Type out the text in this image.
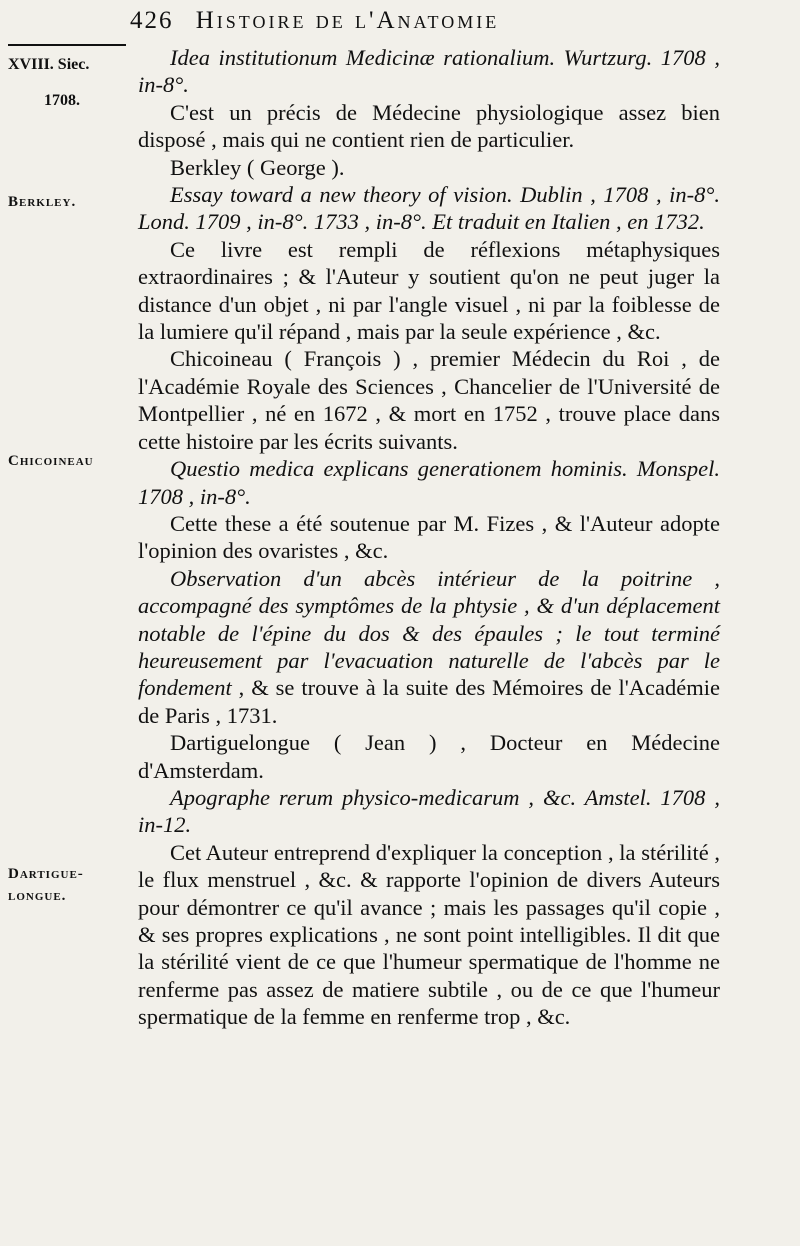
426 Histoire de l'Anatomie
XVIII. Siec.
1708.
Berkley.
Chicoineau
Dartigue-
longue.

Idea institutionum Medicinæ rationalium. Wurtzurg. 1708 , in-8°.

C'est un précis de Médecine physiologique assez bien disposé , mais qui ne contient rien de particulier.

Berkley ( George ).

Essay toward a new theory of vision. Dublin , 1708 , in-8°. Lond. 1709 , in-8°. 1733 , in-8°. Et traduit en Italien , en 1732.

Ce livre est rempli de réflexions métaphysiques extraordinaires ; & l'Auteur y soutient qu'on ne peut juger la distance d'un objet , ni par l'angle visuel , ni par la foiblesse de la lumiere qu'il répand , mais par la seule expérience , &c.

Chicoineau ( François ) , premier Médecin du Roi , de l'Académie Royale des Sciences , Chancelier de l'Université de Montpellier , né en 1672 , & mort en 1752 , trouve place dans cette histoire par les écrits suivants.

Questio medica explicans generationem hominis. Monspel. 1708 , in-8°.

Cette these a été soutenue par M. Fizes , & l'Auteur adopte l'opinion des ovaristes , &c.

Observation d'un abcès intérieur de la poitrine , accompagné des symptômes de la phtysie , & d'un déplacement notable de l'épine du dos & des épaules ; le tout terminé heureusement par l'evacuation naturelle de l'abcès par le fondement , & se trouve à la suite des Mémoires de l'Académie de Paris , 1731.

Dartiguelongue ( Jean ) , Docteur en Médecine d'Amsterdam.

Apographe rerum physico-medicarum , &c. Amstel. 1708 , in-12.

Cet Auteur entreprend d'expliquer la conception , la stérilité , le flux menstruel , &c. & rapporte l'opinion de divers Auteurs pour démontrer ce qu'il avance ; mais les passages qu'il copie , & ses propres explications , ne sont point intelligibles. Il dit que la stérilité vient de ce que l'humeur spermatique de l'homme ne renferme pas assez de matiere subtile , ou de ce que l'humeur spermatique de la femme en renferme trop , &c.
